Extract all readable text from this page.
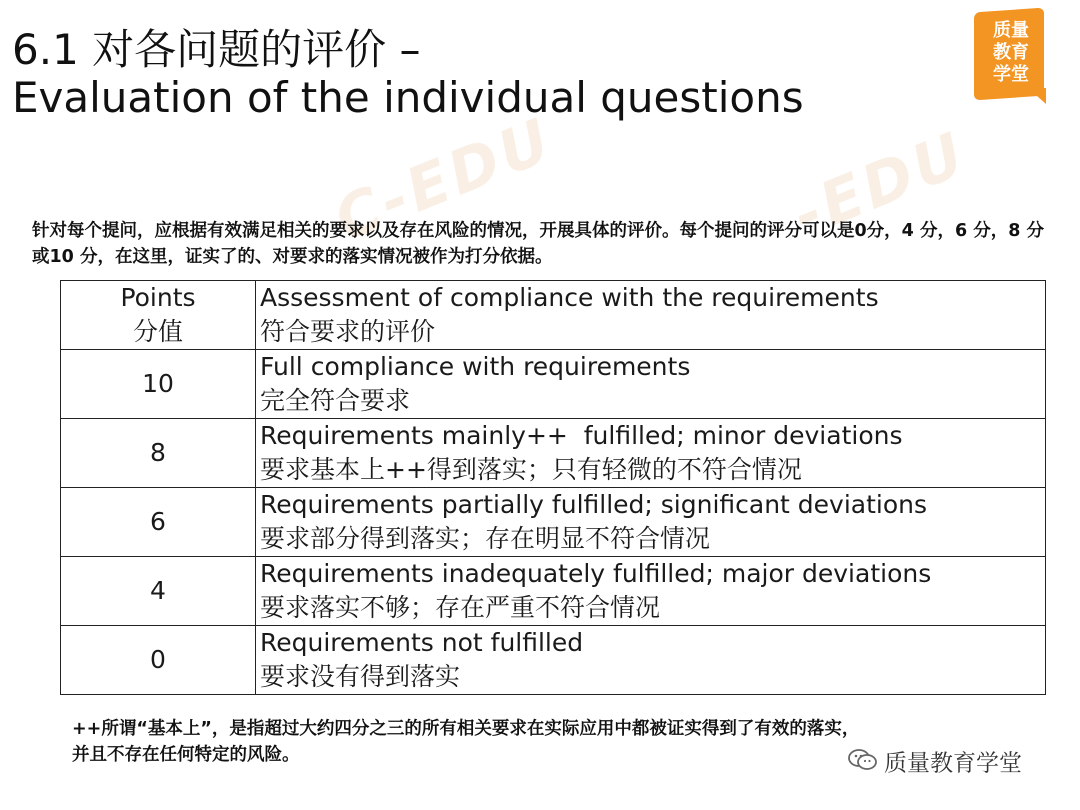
6.1 对各问题的评价 –
Evaluation of the individual questions
质量
教育
学堂
C-EDU	-EDU

针对每个提问，应根据有效满足相关的要求以及存在风险的情况，开展具体的评价。每个提问的评分可以是0分，4 分，6 分，8 分或10 分，在这里，证实了的、对要求的落实情况被作为打分依据。

Points
分值	Assessment of compliance with the requirements
符合要求的评价

10	Full compliance with requirements
完全符合要求

8	Requirements mainly++  fulfilled; minor deviations
要求基本上++得到落实；只有轻微的不符合情况

6	Requirements partially fulfilled; significant deviations
要求部分得到落实；存在明显不符合情况

4	Requirements inadequately fulfilled; major deviations
要求落实不够；存在严重不符合情况

0	Requirements not fulfilled
要求没有得到落实

++所谓“基本上”，是指超过大约四分之三的所有相关要求在实际应用中都被证实得到了有效的落实，
并且不存在任何特定的风险。	质量教育学堂
